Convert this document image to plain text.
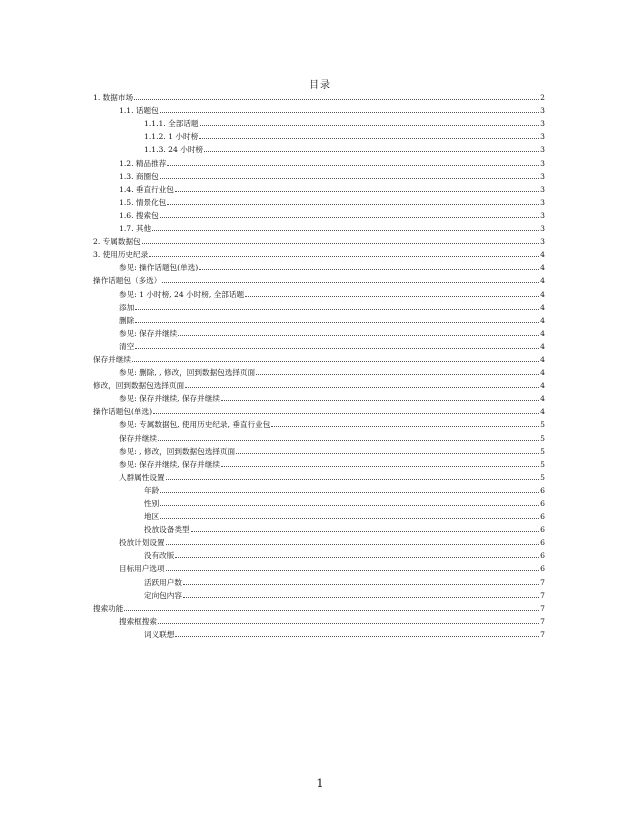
目录
1. 数据市场	2
1.1. 话题包	3
1.1.1. 全部话题	3
1.1.2. 1 小时榜	3
1.1.3. 24 小时榜	3
1.2. 精品推荐	3
1.3. 商圈包	3
1.4. 垂直行业包	3
1.5. 情景化包	3
1.6. 搜索包	3
1.7. 其他	3
2. 专属数据包	3
3. 使用历史纪录	4
参见: 操作话题包(单选)	4
操作话题包（多选）	4
参见: 1 小时榜, 24 小时榜, 全部话题	4
添加	4
删除	4
参见: 保存并继续	4
清空	4
保存并继续	4
参见: 删除, , 修改，回到数据包选择页面	4
修改，回到数据包选择页面	4
参见: 保存并继续, 保存并继续	4
操作话题包(单选)	4
参见: 专属数据包, 使用历史纪录, 垂直行业包	5
保存并继续	5
参见: , 修改，回到数据包选择页面	5
参见: 保存并继续, 保存并继续	5
人群属性设置	5
年龄	6
性别	6
地区	6
投放设备类型	6
投放计划设置	6
没有改版	6
目标用户选项	6
活跃用户数	7
定向包内容	7
搜索功能	7
搜索框搜索	7
词义联想	7
1
